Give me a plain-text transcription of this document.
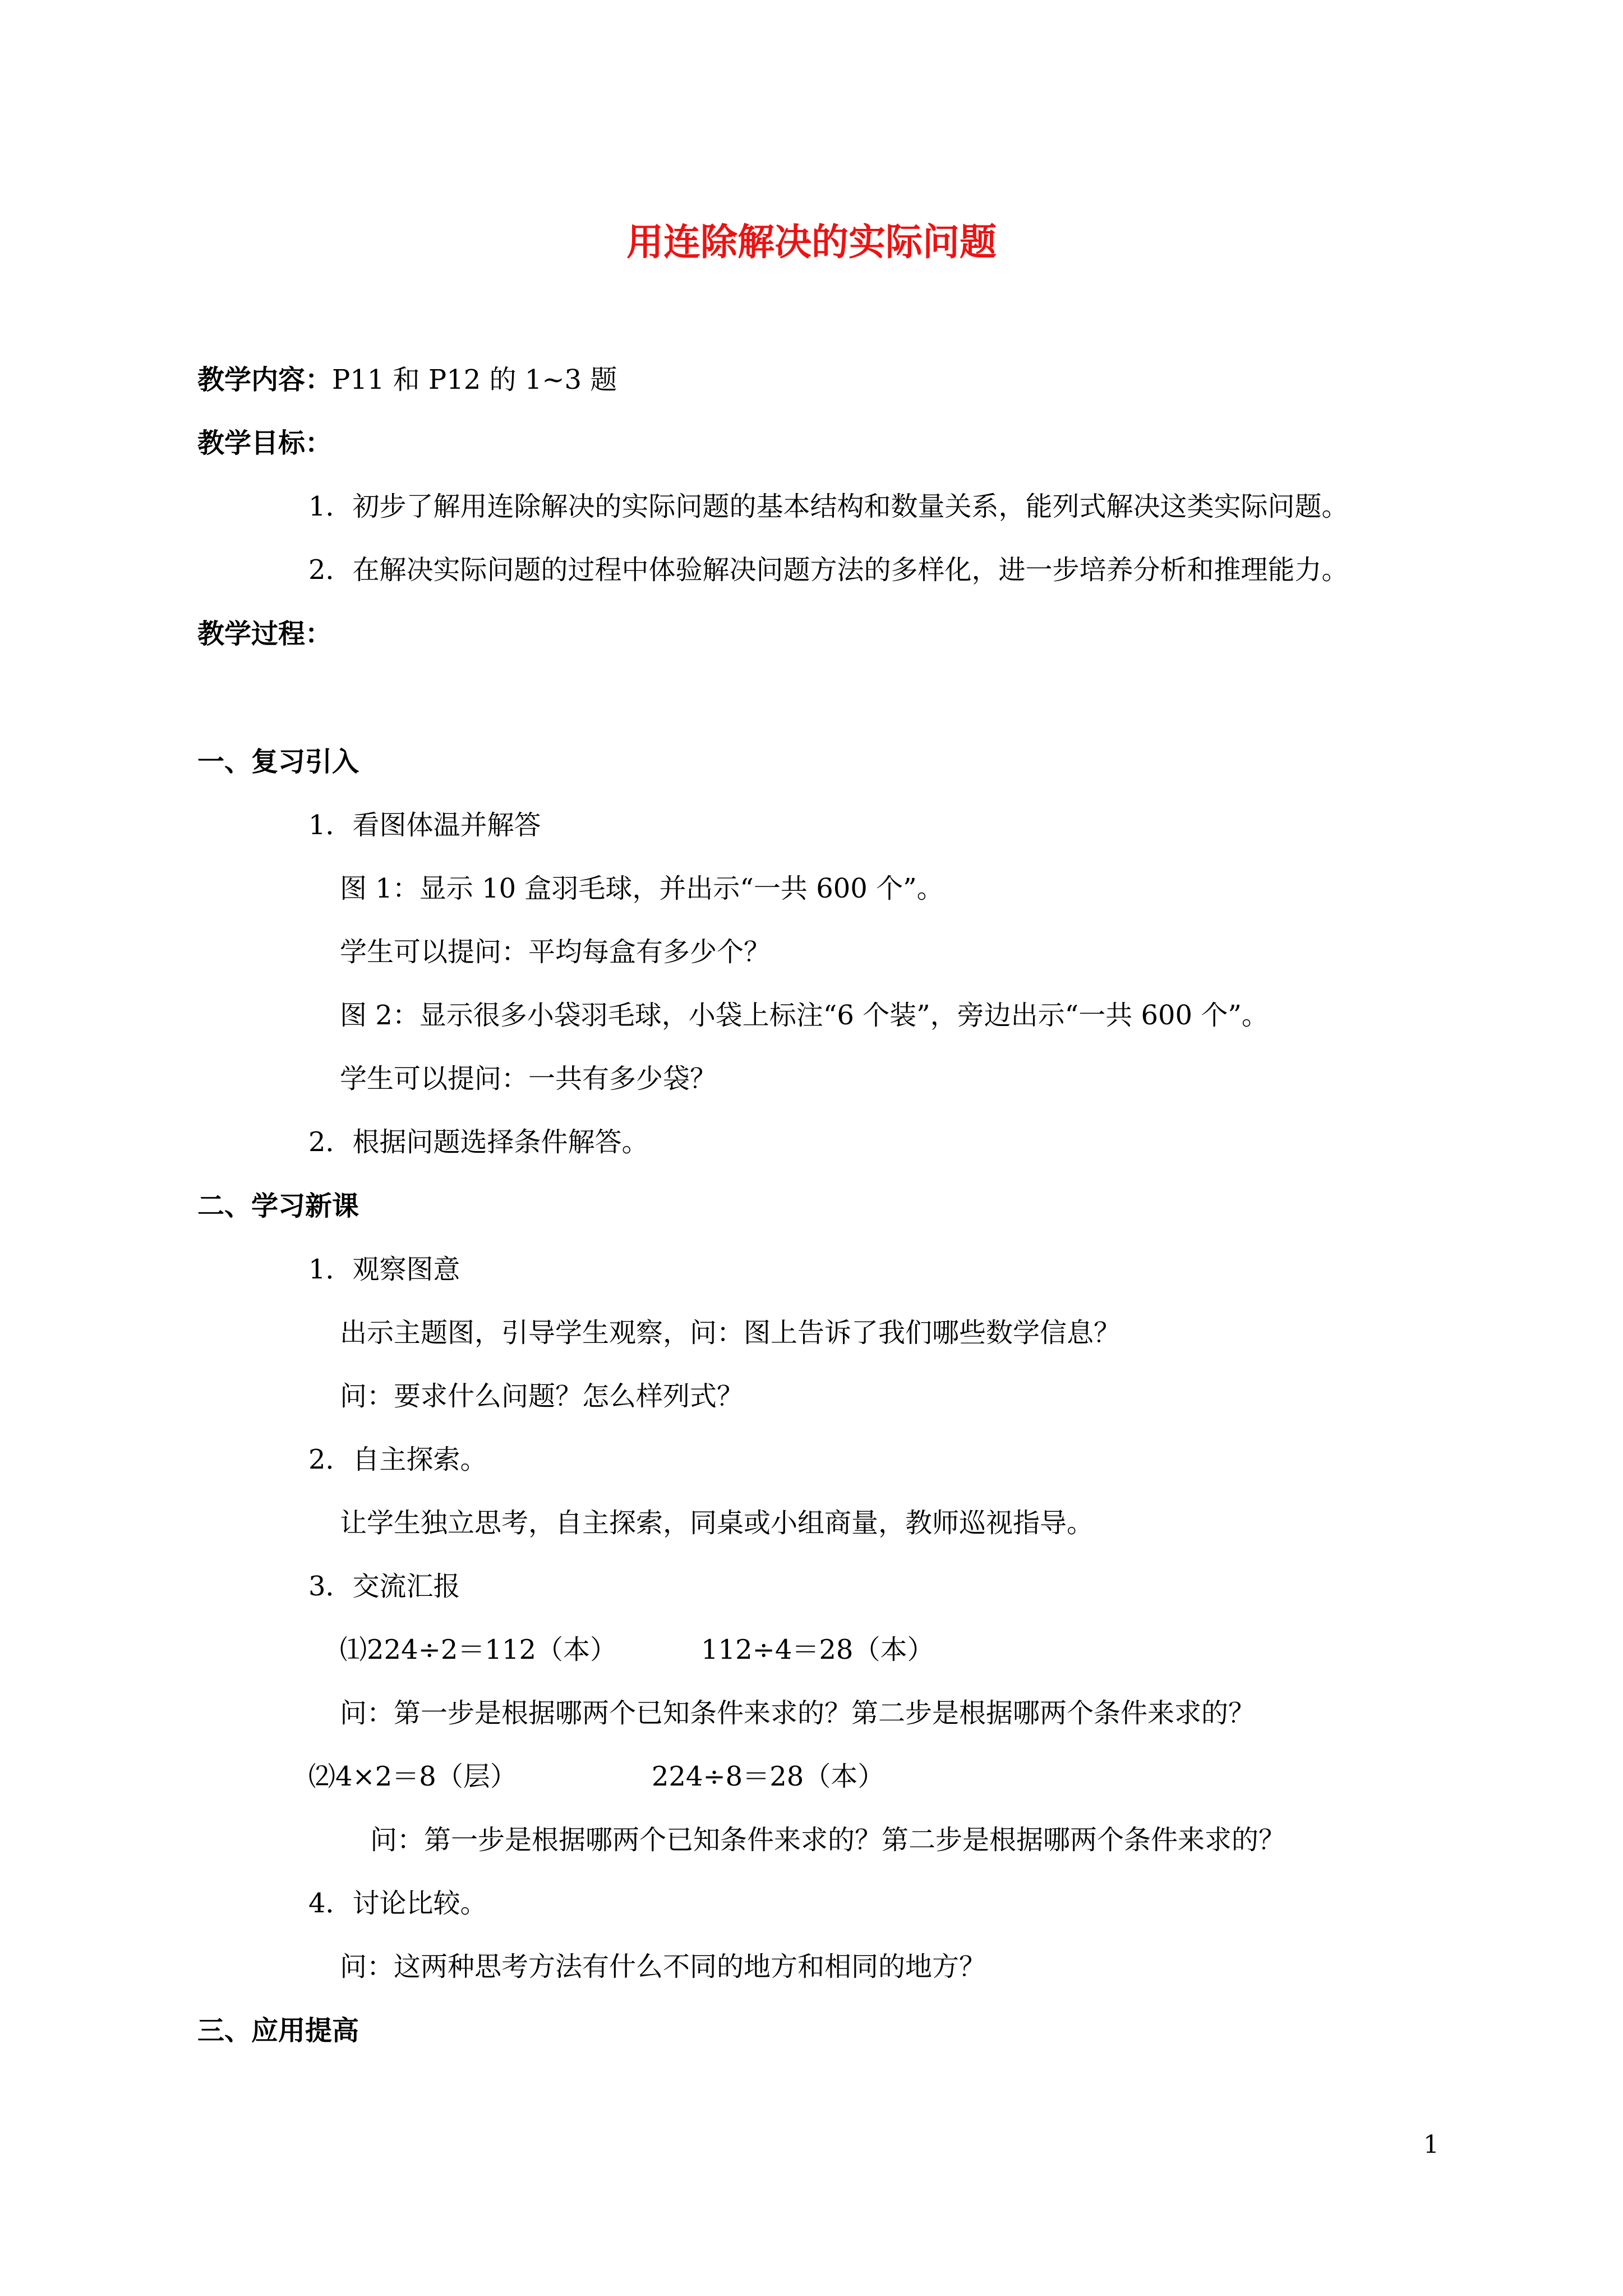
用连除解决的实际问题
教学内容：P11 和 P12 的 1~3 题
教学目标：
1．初步了解用连除解决的实际问题的基本结构和数量关系，能列式解决这类实际问题。
2．在解决实际问题的过程中体验解决问题方法的多样化，进一步培养分析和推理能力。
教学过程：
一、复习引入
1．看图体温并解答
图 1：显示 10 盒羽毛球，并出示“一共 600 个”。
学生可以提问：平均每盒有多少个？
图 2：显示很多小袋羽毛球，小袋上标注“6 个装”，旁边出示“一共 600 个”。
学生可以提问：一共有多少袋？
2．根据问题选择条件解答。
二、学习新课
1．观察图意
出示主题图，引导学生观察，问：图上告诉了我们哪些数学信息？
问：要求什么问题？怎么样列式？
2．自主探索。
让学生独立思考，自主探索，同桌或小组商量，教师巡视指导。
3．交流汇报
⑴224÷2＝112（本）	112÷4＝28（本）
问：第一步是根据哪两个已知条件来求的？第二步是根据哪两个条件来求的？
⑵4×2＝8（层）	224÷8＝28（本）
问：第一步是根据哪两个已知条件来求的？第二步是根据哪两个条件来求的？
4．讨论比较。
问：这两种思考方法有什么不同的地方和相同的地方？
三、应用提高
1
